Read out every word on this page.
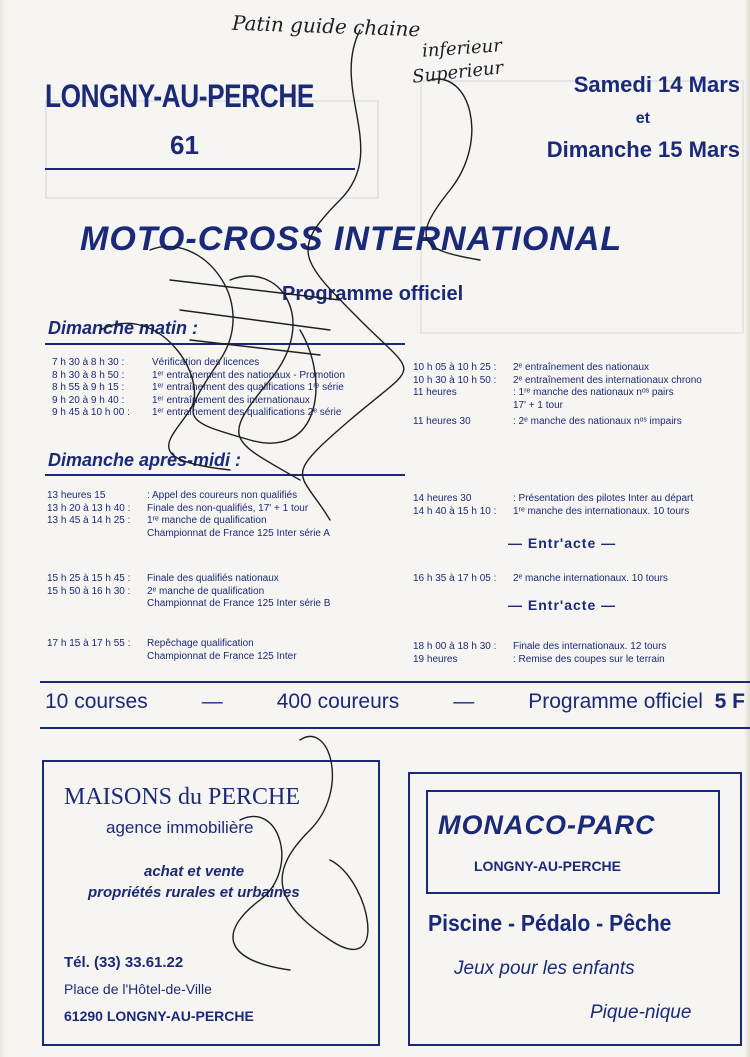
Patin guide chaine
inferieur
Superieur
LONGNY-AU-PERCHE
61
Samedi 14 Mars
et
Dimanche 15 Mars
MOTO-CROSS INTERNATIONAL
Programme officiel
Dimanche matin :
7 h 30 à 8 h 30 :	Vérification des licences
8 h 30 à 8 h 50 :	1ᵉʳ entraînement des nationaux - Promotion
8 h 55 à 9 h 15 :	1ᵉʳ entraînement des qualifications 1ʳᵉ série
9 h 20 à 9 h 40 :	1ᵉʳ entraînement des internationaux
9 h 45 à 10 h 00 :	1ᵉʳ entraînement des qualifications 2ᵉ série
10 h 05 à 10 h 25 :	2ᵉ entraînement des nationaux
10 h 30 à 10 h 50 :	2ᵉ entraînement des internationaux chrono
11 heures	: 1ʳᵉ manche des nationaux nᵒˢ pairs
17' + 1 tour
11 heures 30	: 2ᵉ manche des nationaux nᵒˢ impairs
Dimanche après-midi :
13 heures 15	: Appel des coureurs non qualifiés
13 h 20 à 13 h 40 :	Finale des non-qualifiés, 17' + 1 tour
13 h 45 à 14 h 25 :	1ʳᵉ manche de qualification
Championnat de France 125 Inter série A
14 heures 30	: Présentation des pilotes Inter au départ
14 h 40 à 15 h 10 :	1ʳᵉ manche des internationaux. 10 tours
— Entr'acte —
15 h 25 à 15 h 45 :	Finale des qualifiés nationaux
15 h 50 à 16 h 30 :	2ᵉ manche de qualification
Championnat de France 125 Inter série B
16 h 35 à 17 h 05 :	2ᵉ manche internationaux. 10 tours
— Entr'acte —
17 h 15 à 17 h 55 :	Repêchage qualification
Championnat de France 125 Inter
18 h 00 à 18 h 30 :	Finale des internationaux. 12 tours
19 heures	: Remise des coupes sur le terrain
10 courses	—	400 coureurs	—	Programme officiel 5 F
MAISONS du PERCHE
agence immobilière
achat et vente
propriétés rurales et urbaines
Tél. (33) 33.61.22
Place de l'Hôtel-de-Ville
61290 LONGNY-AU-PERCHE
MONACO-PARC
LONGNY-AU-PERCHE
Piscine - Pédalo - Pêche
Jeux pour les enfants
Pique-nique
